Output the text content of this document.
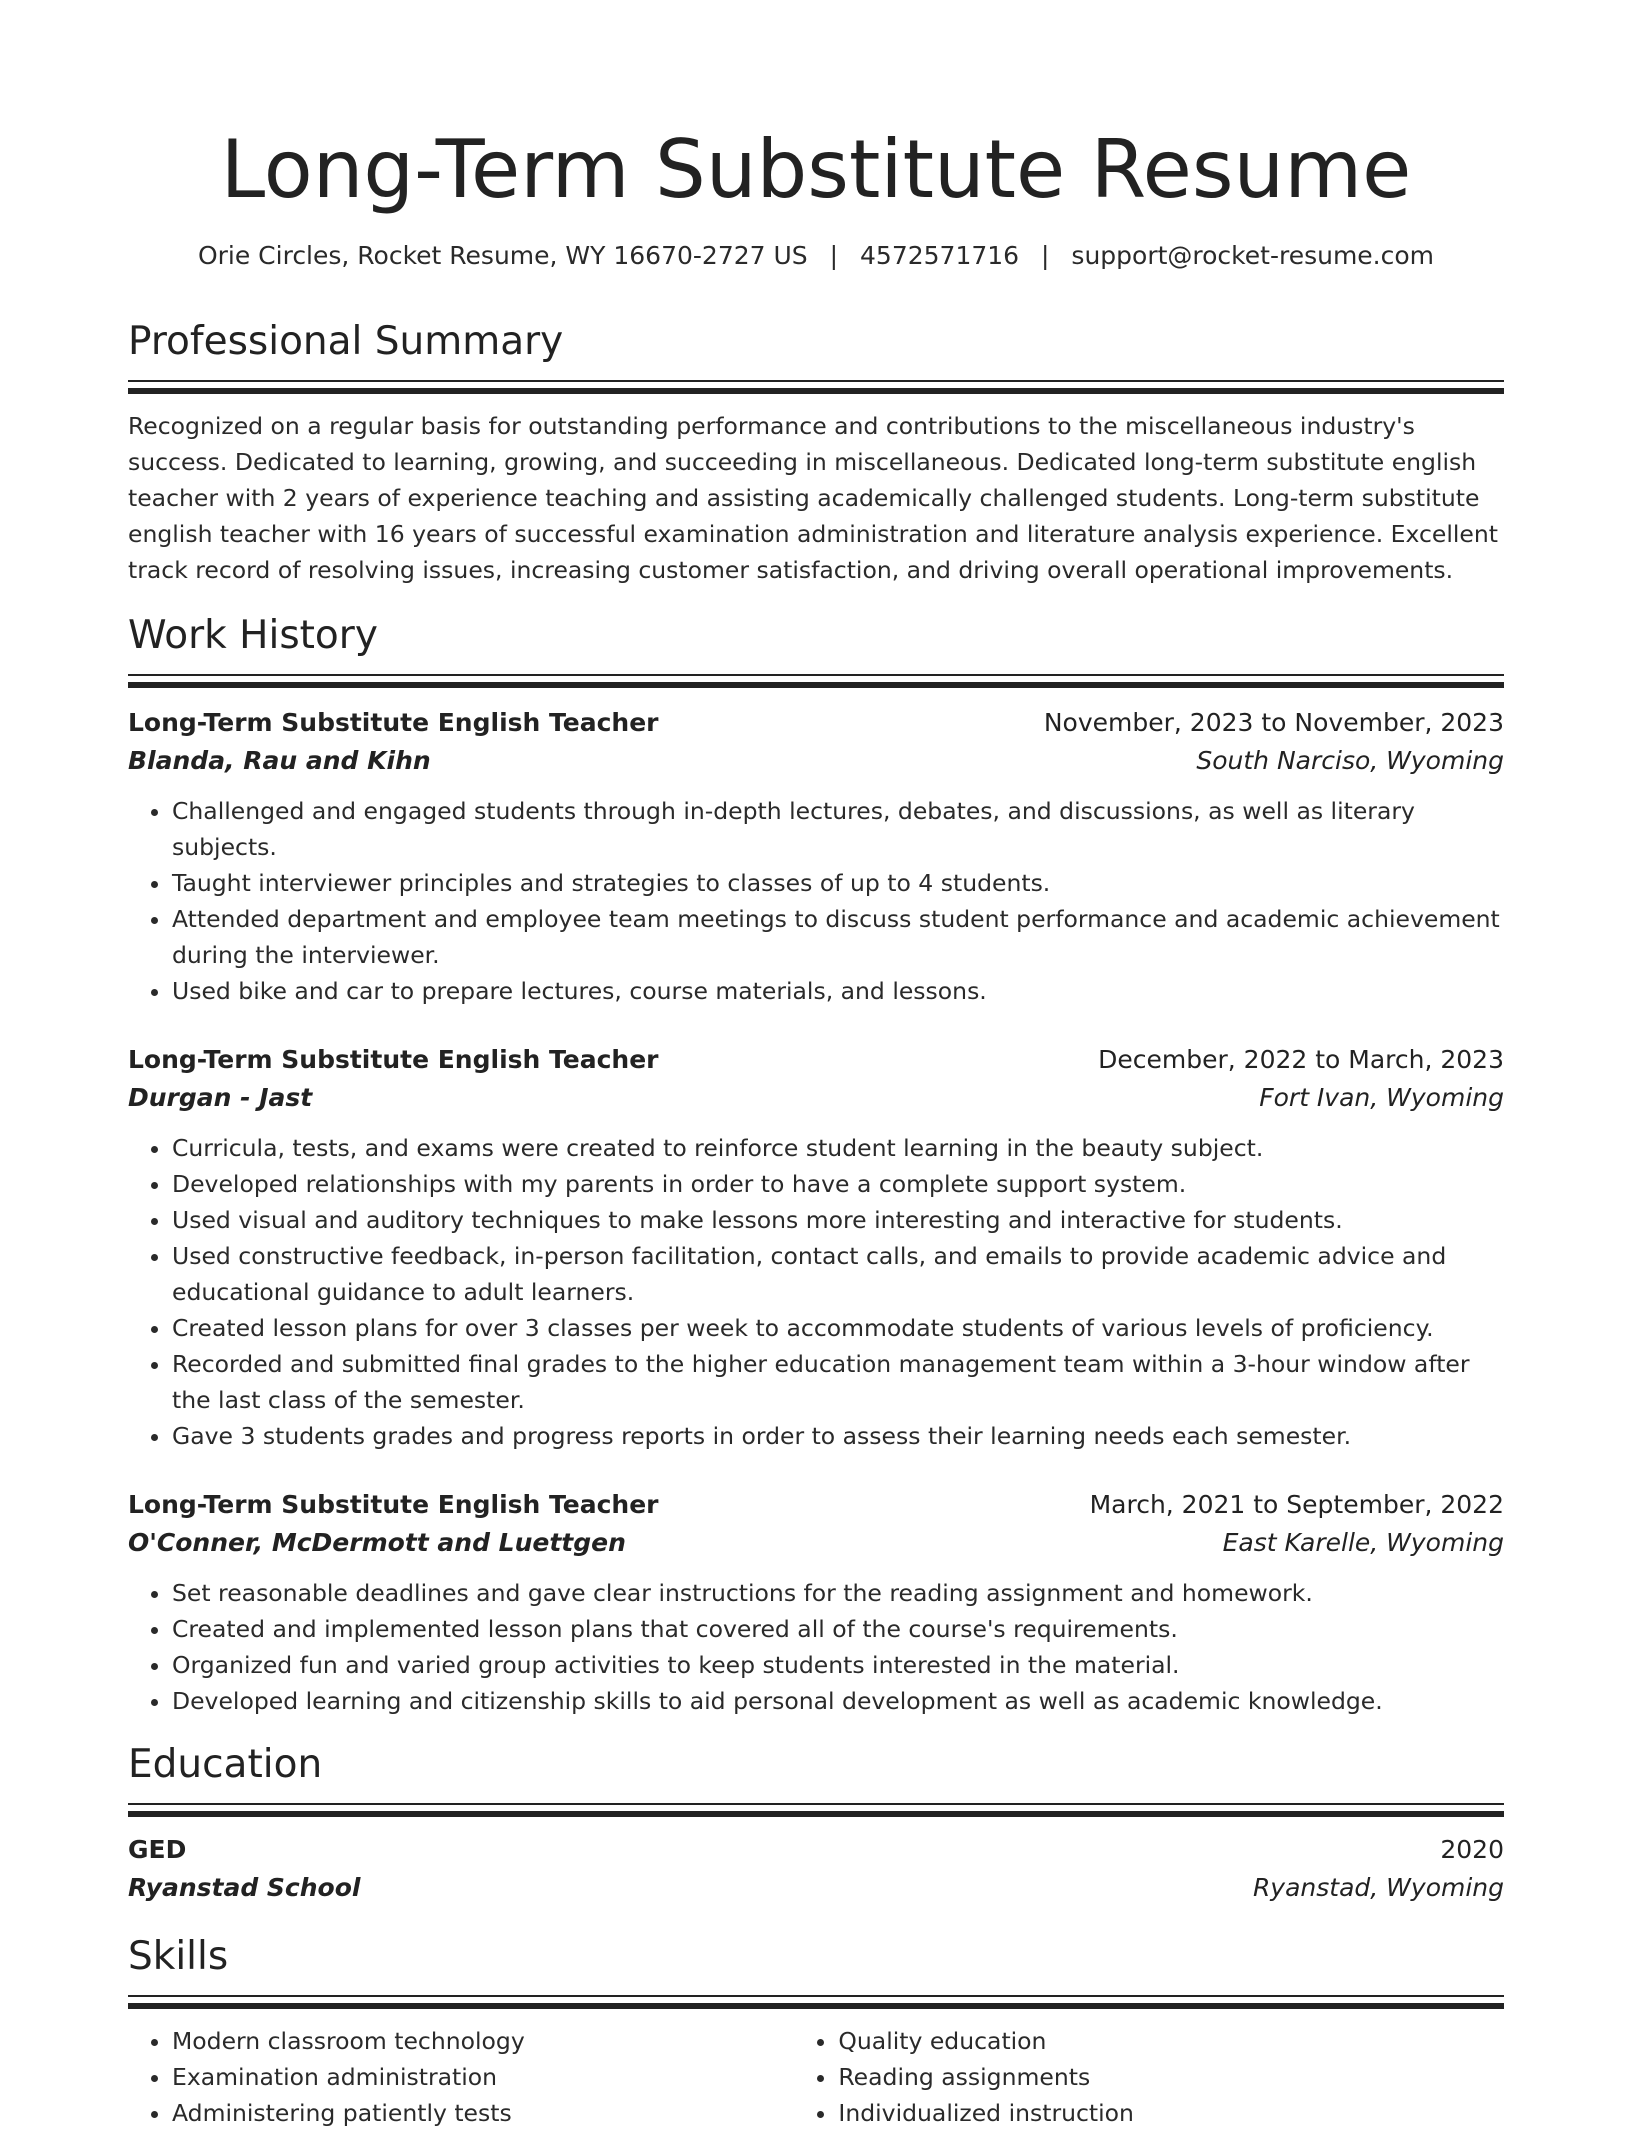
Long-Term Substitute Resume
Orie Circles, Rocket Resume, WY 16670-2727 US | 4572571716 | support@rocket-resume.com
Professional Summary

Recognized on a regular basis for outstanding performance and contributions to the miscellaneous industry's success. Dedicated to learning, growing, and succeeding in miscellaneous. Dedicated long-term substitute english teacher with 2 years of experience teaching and assisting academically challenged students. Long-term substitute english teacher with 16 years of successful examination administration and literature analysis experience. Excellent track record of resolving issues, increasing customer satisfaction, and driving overall operational improvements.

Work History
Long-Term Substitute English Teacher	November, 2023 to November, 2023
Blanda, Rau and Kihn	South Narciso, Wyoming
• Challenged and engaged students through in-depth lectures, debates, and discussions, as well as literary subjects.
• Taught interviewer principles and strategies to classes of up to 4 students.
• Attended department and employee team meetings to discuss student performance and academic achievement during the interviewer.
• Used bike and car to prepare lectures, course materials, and lessons.
Long-Term Substitute English Teacher	December, 2022 to March, 2023
Durgan - Jast	Fort Ivan, Wyoming
• Curricula, tests, and exams were created to reinforce student learning in the beauty subject.
• Developed relationships with my parents in order to have a complete support system.
• Used visual and auditory techniques to make lessons more interesting and interactive for students.
• Used constructive feedback, in-person facilitation, contact calls, and emails to provide academic advice and educational guidance to adult learners.
• Created lesson plans for over 3 classes per week to accommodate students of various levels of proficiency.
• Recorded and submitted final grades to the higher education management team within a 3-hour window after the last class of the semester.
• Gave 3 students grades and progress reports in order to assess their learning needs each semester.
Long-Term Substitute English Teacher	March, 2021 to September, 2022
O'Conner, McDermott and Luettgen	East Karelle, Wyoming
• Set reasonable deadlines and gave clear instructions for the reading assignment and homework.
• Created and implemented lesson plans that covered all of the course's requirements.
• Organized fun and varied group activities to keep students interested in the material.
• Developed learning and citizenship skills to aid personal development as well as academic knowledge.
Education
GED	2020
Ryanstad School	Ryanstad, Wyoming
Skills
• Modern classroom technology
• Examination administration
• Administering patiently tests
• Quality education
• Reading assignments
• Individualized instruction
